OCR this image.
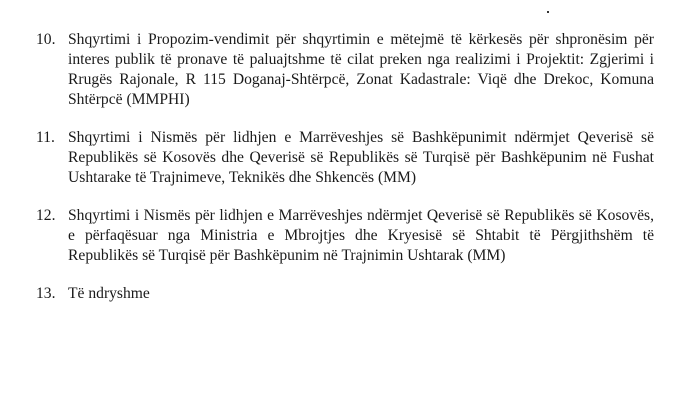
10. Shqyrtimi i Propozim-vendimit për shqyrtimin e mëtejmë të kërkesës për shpronësim për interes publik të pronave të paluajtshme të cilat preken nga realizimi i Projektit: Zgjerimi i Rrugës Rajonale, R 115 Doganaj-Shtërpcë, Zonat Kadastrale: Viqë dhe Drekoc, Komuna Shtërpcë (MMPHI)
11. Shqyrtimi i Nismës për lidhjen e Marrëveshjes së Bashkëpunimit ndërmjet Qeverisë së Republikës së Kosovës dhe Qeverisë së Republikës së Turqisë për Bashkëpunim në Fushat Ushtarake të Trajnimeve, Teknikës dhe Shkencës (MM)
12. Shqyrtimi i Nismës për lidhjen e Marrëveshjes ndërmjet Qeverisë së Republikës së Kosovës, e përfaqësuar nga Ministria e Mbrojtjes dhe Kryesisë së Shtabit të Përgjithshëm të Republikës së Turqisë për Bashkëpunim në Trajnimin Ushtarak (MM)
13. Të ndryshme
